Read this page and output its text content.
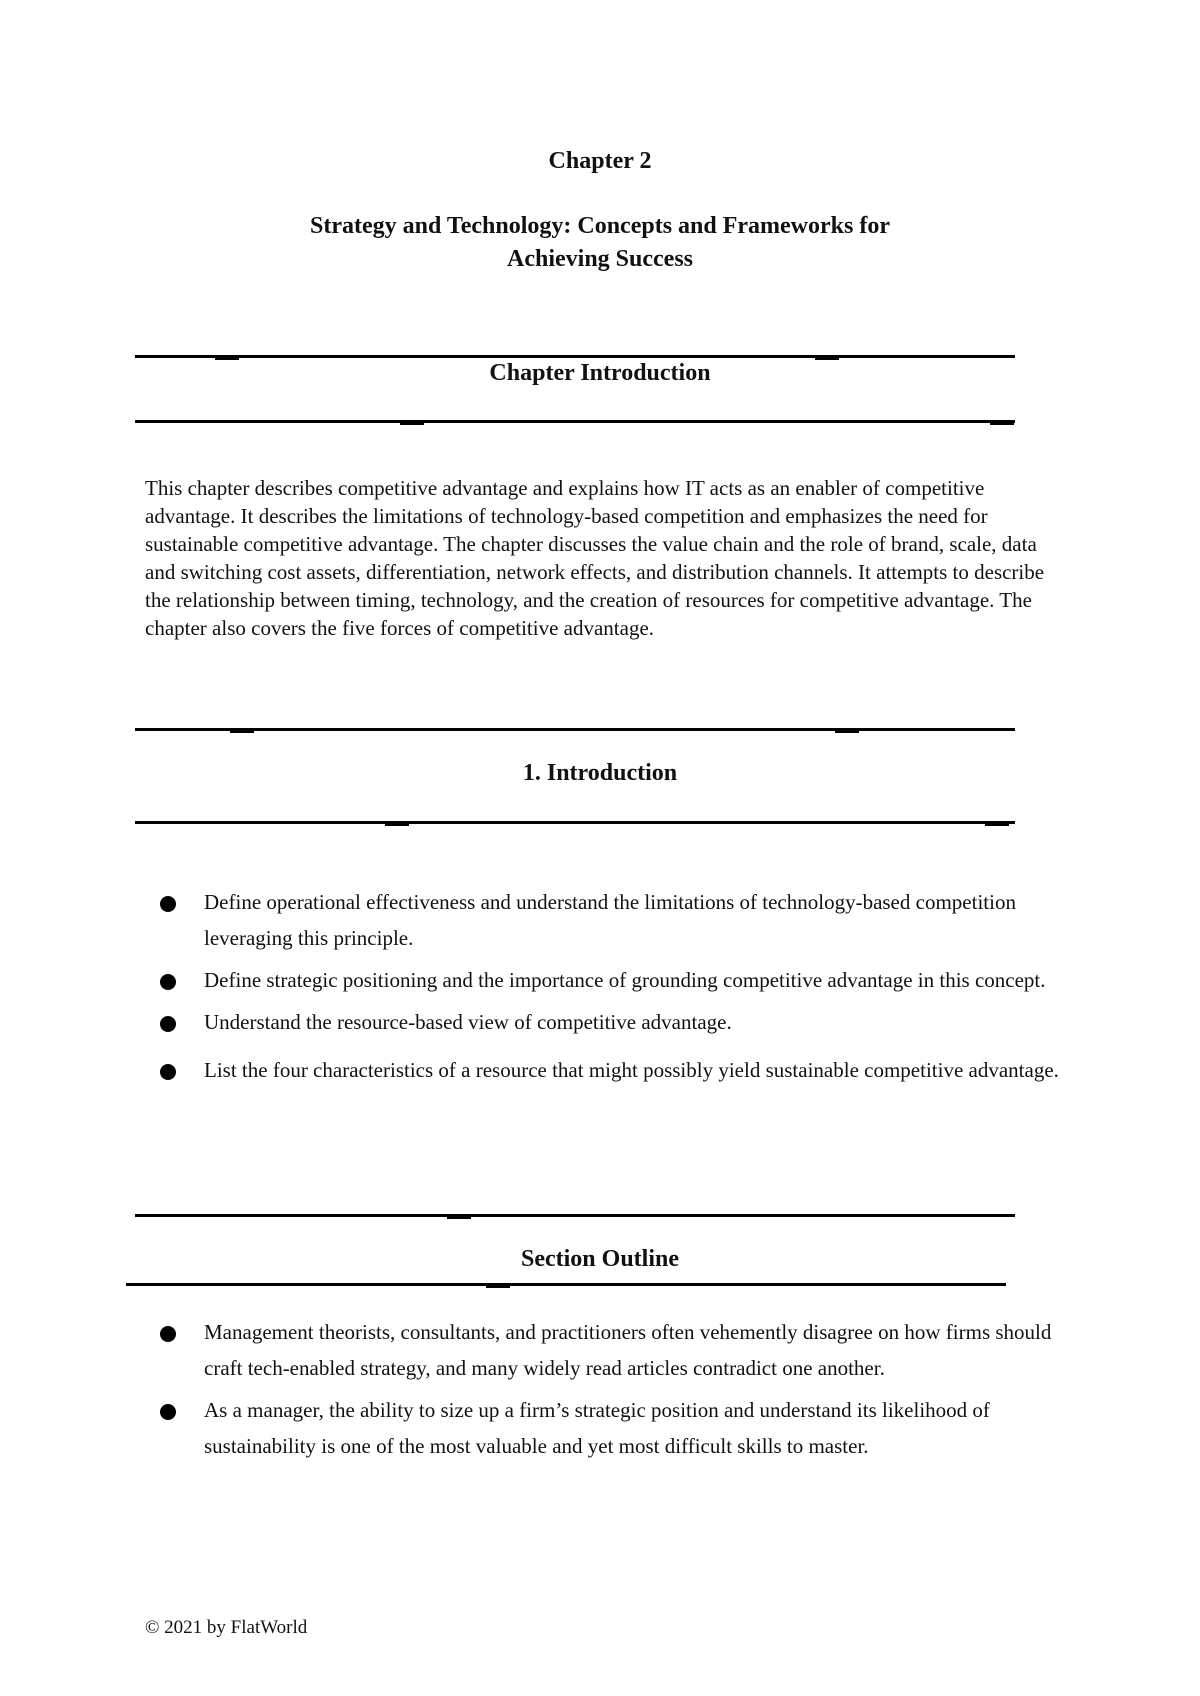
Chapter 2
Strategy and Technology: Concepts and Frameworks for
Achieving Success
Chapter Introduction
This chapter describes competitive advantage and explains how IT acts as an enabler of competitive advantage. It describes the limitations of technology-based competition and emphasizes the need for sustainable competitive advantage. The chapter discusses the value chain and the role of brand, scale, data and switching cost assets, differentiation, network effects, and distribution channels. It attempts to describe the relationship between timing, technology, and the creation of resources for competitive advantage. The chapter also covers the five forces of competitive advantage.
1. Introduction
Define operational effectiveness and understand the limitations of technology-based competition leveraging this principle.
Define strategic positioning and the importance of grounding competitive advantage in this concept.
Understand the resource-based view of competitive advantage.
List the four characteristics of a resource that might possibly yield sustainable competitive advantage.
Section Outline
Management theorists, consultants, and practitioners often vehemently disagree on how firms should craft tech-enabled strategy, and many widely read articles contradict one another.
As a manager, the ability to size up a firm’s strategic position and understand its likelihood of sustainability is one of the most valuable and yet most difficult skills to master.
© 2021 by FlatWorld
